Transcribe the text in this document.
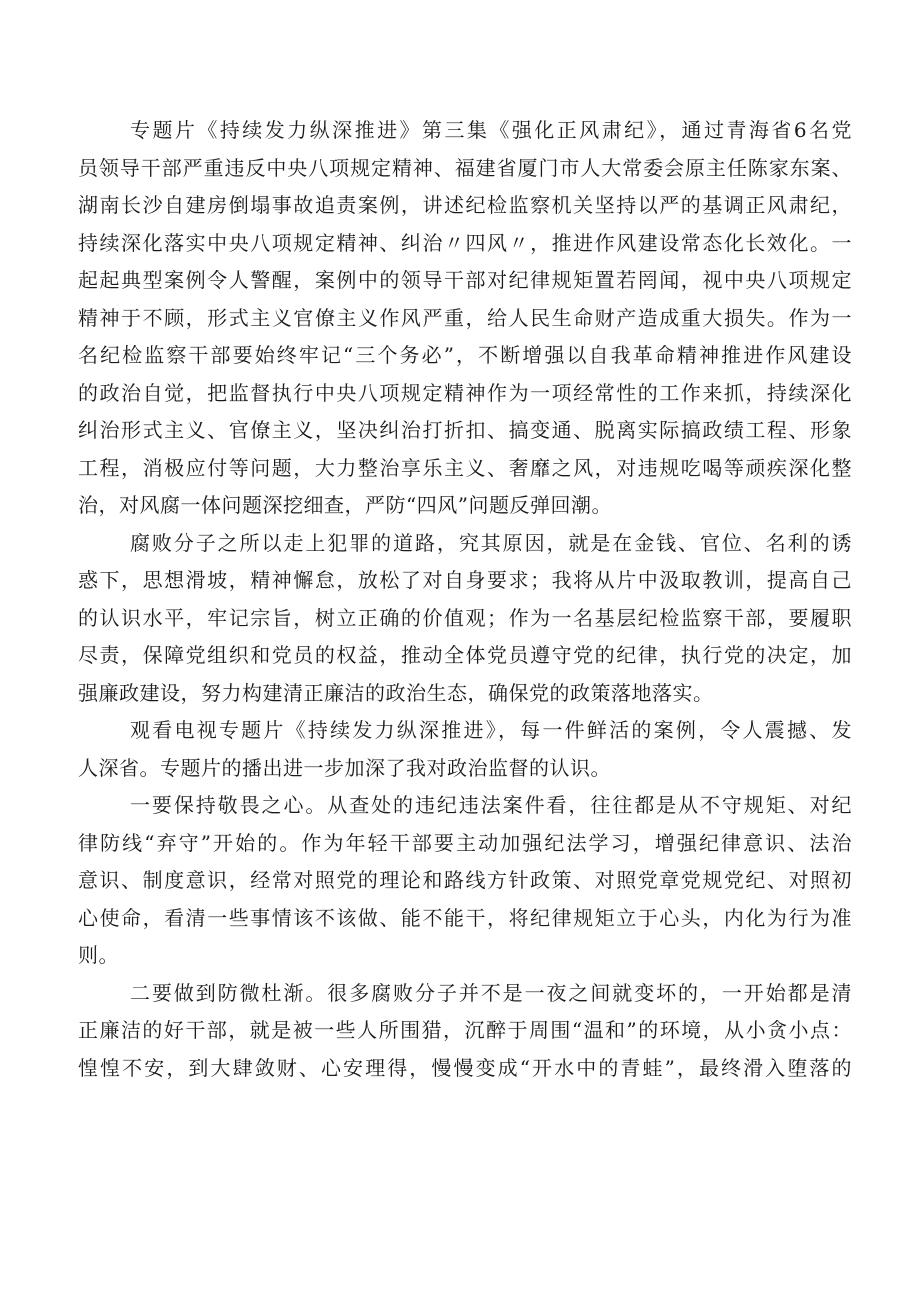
专题片《持续发力纵深推进》第三集《强化正风肃纪》，通过青海省6名党
员领导干部严重违反中央八项规定精神、福建省厦门市人大常委会原主任陈家东案、
湖南长沙自建房倒塌事故追责案例，讲述纪检监察机关坚持以严的基调正风肃纪，
持续深化落实中央八项规定精神、纠治〃四风〃，推进作风建设常态化长效化。一
起起典型案例令人警醒，案例中的领导干部对纪律规矩置若罔闻，视中央八项规定
精神于不顾，形式主义官僚主义作风严重，给人民生命财产造成重大损失。作为一
名纪检监察干部要始终牢记“三个务必”，不断增强以自我革命精神推进作风建设
的政治自觉，把监督执行中央八项规定精神作为一项经常性的工作来抓，持续深化
纠治形式主义、官僚主义，坚决纠治打折扣、搞变通、脱离实际搞政绩工程、形象
工程，消极应付等问题，大力整治享乐主义、奢靡之风，对违规吃喝等顽疾深化整
治，对风腐一体问题深挖细查，严防“四风”问题反弹回潮。
腐败分子之所以走上犯罪的道路，究其原因，就是在金钱、官位、名利的诱
惑下，思想滑坡，精神懈怠，放松了对自身要求；我将从片中汲取教训，提高自己
的认识水平，牢记宗旨，树立正确的价值观；作为一名基层纪检监察干部，要履职
尽责，保障党组织和党员的权益，推动全体党员遵守党的纪律，执行党的决定，加
强廉政建设，努力构建清正廉洁的政治生态，确保党的政策落地落实。
观看电视专题片《持续发力纵深推进》，每一件鲜活的案例，令人震撼、发
人深省。专题片的播出进一步加深了我对政治监督的认识。
一要保持敬畏之心。从查处的违纪违法案件看，往往都是从不守规矩、对纪
律防线“弃守”开始的。作为年轻干部要主动加强纪法学习，增强纪律意识、法治
意识、制度意识，经常对照党的理论和路线方针政策、对照党章党规党纪、对照初
心使命，看清一些事情该不该做、能不能干，将纪律规矩立于心头，内化为行为准
则。
二要做到防微杜渐。很多腐败分子并不是一夜之间就变坏的，一开始都是清
正廉洁的好干部，就是被一些人所围猎，沉醉于周围“温和”的环境，从小贪小点：
惶惶不安，到大肆敛财、心安理得，慢慢变成“开水中的青蛙”，最终滑入堕落的
